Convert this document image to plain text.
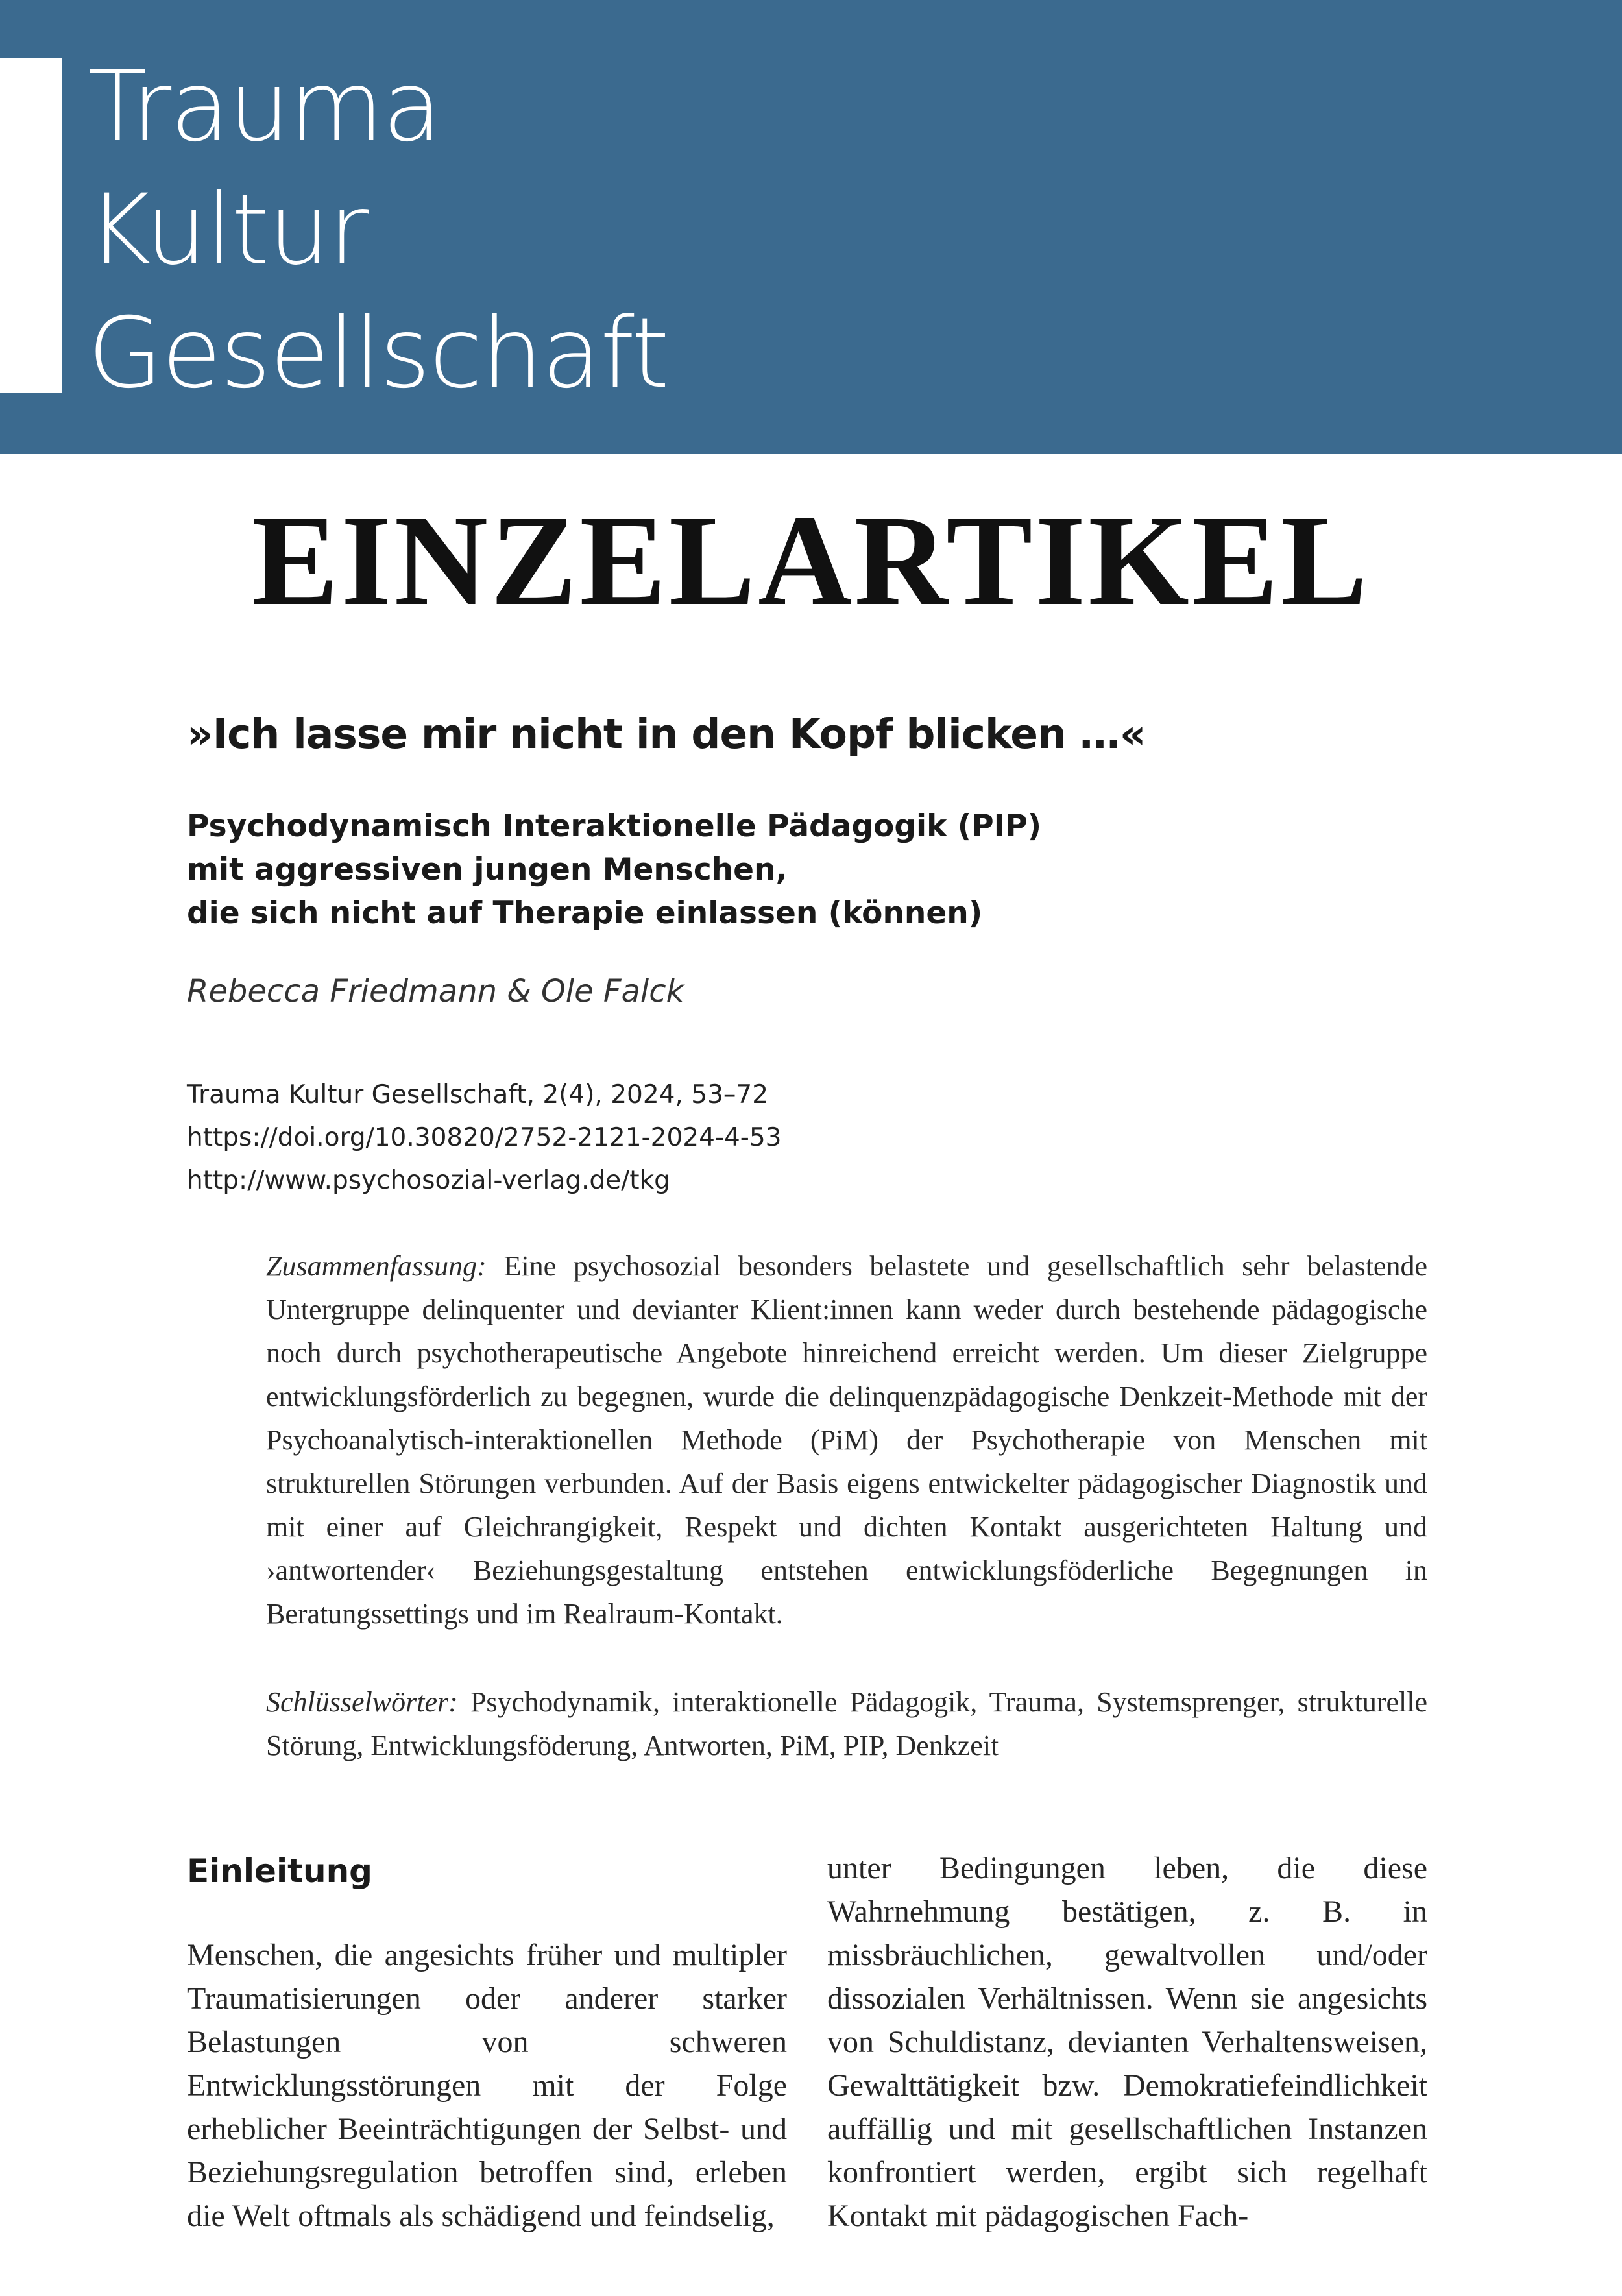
Trauma
Kultur
Gesellschaft
EINZELARTIKEL
»Ich lasse mir nicht in den Kopf blicken …«
Psychodynamisch Interaktionelle Pädagogik (PIP)
mit aggressiven jungen Menschen,
die sich nicht auf Therapie einlassen (können)
Rebecca Friedmann & Ole Falck
Trauma Kultur Gesellschaft, 2(4), 2024, 53–72
https://doi.org/10.30820/2752-2121-2024-4-53
http://www.psychosozial-verlag.de/tkg
Zusammenfassung: Eine psychosozial besonders belastete und gesellschaftlich sehr belastende Untergruppe delinquenter und devianter Klient:innen kann weder durch bestehende pädagogische noch durch psychotherapeutische Angebote hinreichend erreicht werden. Um dieser Zielgruppe entwicklungsförderlich zu begegnen, wurde die delinquenzpädagogische Denkzeit-Methode mit der Psychoanalytisch-interaktionellen Methode (PiM) der Psychotherapie von Menschen mit strukturellen Störungen verbunden. Auf der Basis eigens entwickelter pädagogischer Diagnostik und mit einer auf Gleichrangigkeit, Respekt und dichten Kontakt ausgerichteten Haltung und ›antwortender‹ Beziehungsgestaltung entstehen entwicklungsföderliche Begegnungen in Beratungssettings und im Realraum-Kontakt.
Schlüsselwörter: Psychodynamik, interaktionelle Pädagogik, Trauma, Systemsprenger, strukturelle Störung, Entwicklungsföderung, Antworten, PiM, PIP, Denkzeit
Einleitung
Menschen, die angesichts früher und multipler Traumatisierungen oder anderer starker Belastungen von schweren Entwicklungsstörungen mit der Folge erheblicher Beeinträchtigungen der Selbst- und Beziehungsregulation betroffen sind, erleben die Welt oftmals als schädigend und feindselig,
unter Bedingungen leben, die diese Wahrnehmung bestätigen, z. B. in missbräuchlichen, gewaltvollen und/oder dissozialen Verhältnissen. Wenn sie angesichts von Schuldistanz, devianten Verhaltensweisen, Gewalttätigkeit bzw. Demokratiefeindlichkeit auffällig und mit gesellschaftlichen Instanzen konfrontiert werden, ergibt sich regelhaft Kontakt mit pädagogischen Fach-
